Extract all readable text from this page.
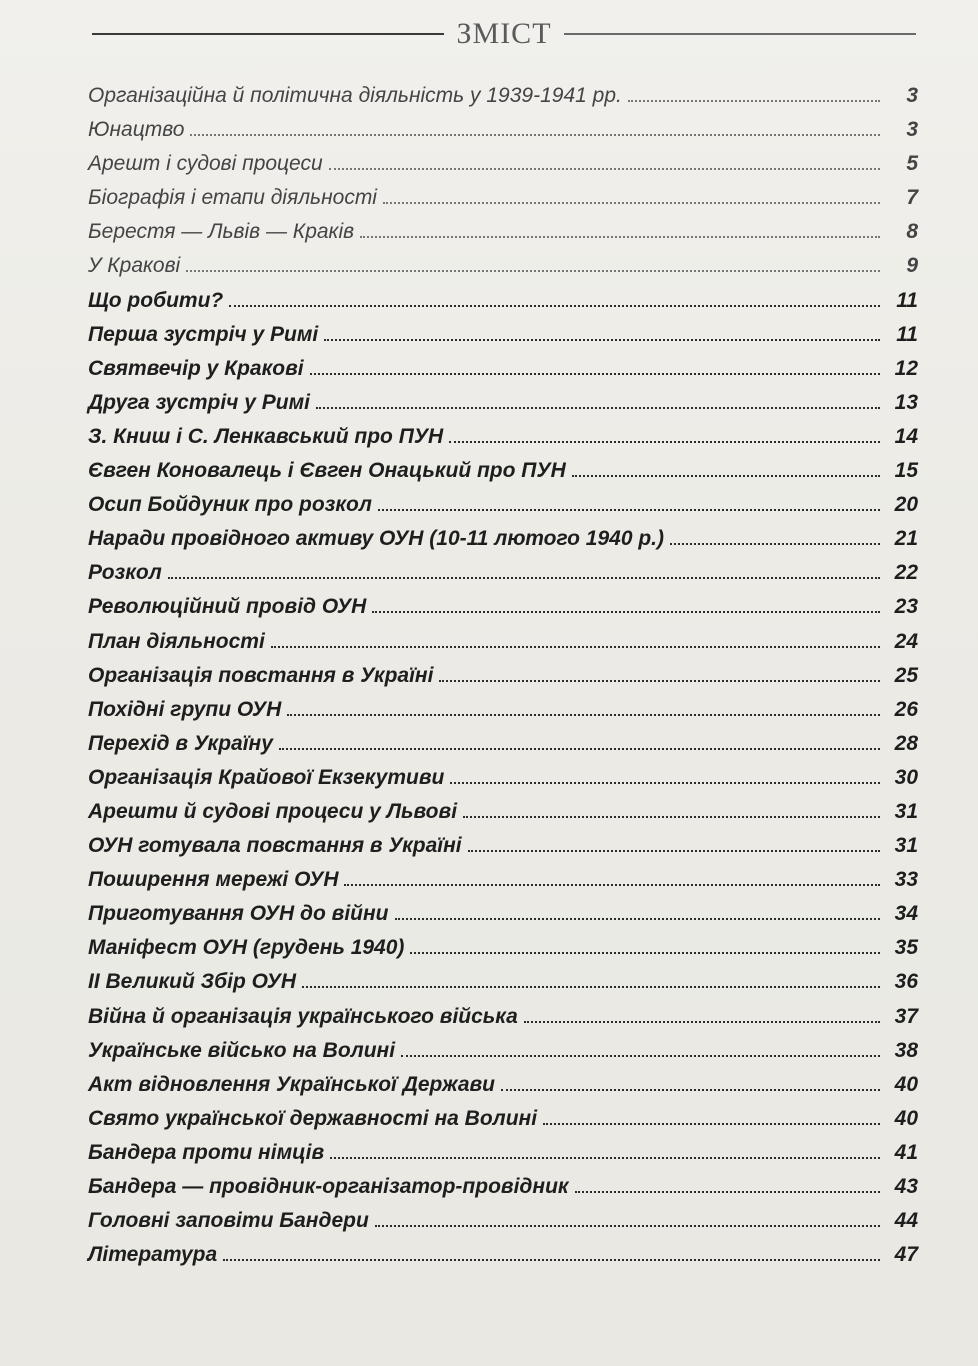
ЗМІСТ
Організаційна й політична діяльність у 1939-1941 рр.	3
Юнацтво	3
Арешт і судові процеси	5
Біографія і етапи діяльності	7
Берестя — Львів — Краків	8
У Кракові	9
Що робити?	11
Перша зустріч у Римі	11
Святвечір у Кракові	12
Друга зустріч у Римі	13
З. Книш і С. Ленкавський про ПУН	14
Євген Коновалець і Євген Онацький про ПУН	15
Осип Бойдуник про розкол	20
Наради провідного активу ОУН (10-11 лютого 1940 р.)	21
Розкол	22
Революційний провід ОУН	23
План діяльності	24
Організація повстання в Україні	25
Похідні групи ОУН	26
Перехід в Україну	28
Організація Крайової Екзекутиви	30
Арешти й судові процеси у Львові	31
ОУН готувала повстання в Україні	31
Поширення мережі ОУН	33
Приготування ОУН до війни	34
Маніфест ОУН (грудень 1940)	35
ІІ Великий Збір ОУН	36
Війна й організація українського війська	37
Українське військо на Волині	38
Акт відновлення Української Держави	40
Свято української державності на Волині	40
Бандера проти німців	41
Бандера — провідник-організатор-провідник	43
Головні заповіти Бандери	44
Література	47
